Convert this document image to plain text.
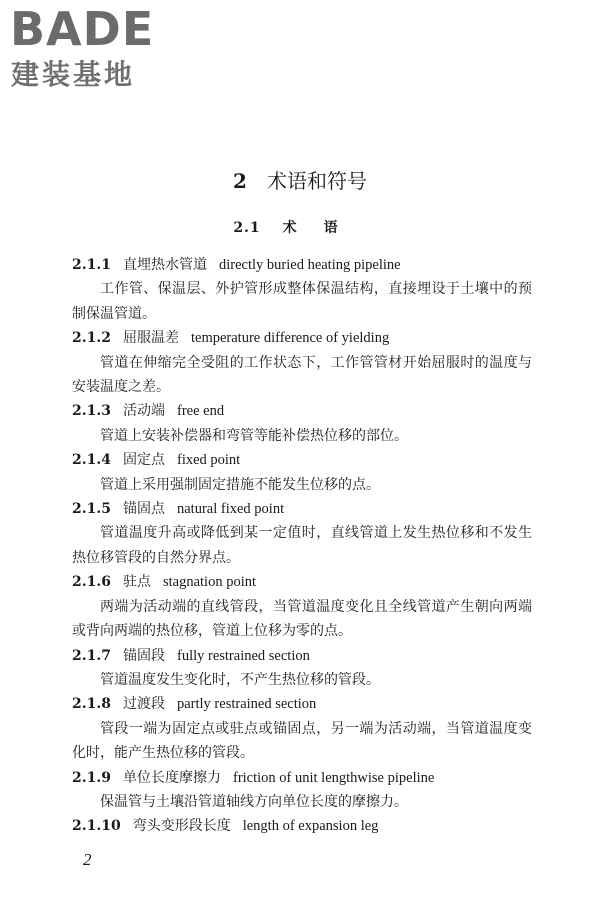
BADE
建装基地
2 术语和符号
2.1 术 语
2.1.1 直埋热水管道 directly buried heating pipeline
工作管、保温层、外护管形成整体保温结构，直接埋设于土壤中的预制保温管道。
2.1.2 屈服温差 temperature difference of yielding
管道在伸缩完全受阻的工作状态下，工作管管材开始屈服时的温度与安装温度之差。
2.1.3 活动端 free end
管道上安装补偿器和弯管等能补偿热位移的部位。
2.1.4 固定点 fixed point
管道上采用强制固定措施不能发生位移的点。
2.1.5 锚固点 natural fixed point
管道温度升高或降低到某一定值时，直线管道上发生热位移和不发生热位移管段的自然分界点。
2.1.6 驻点 stagnation point
两端为活动端的直线管段，当管道温度变化且全线管道产生朝向两端或背向两端的热位移，管道上位移为零的点。
2.1.7 锚固段 fully restrained section
管道温度发生变化时，不产生热位移的管段。
2.1.8 过渡段 partly restrained section
管段一端为固定点或驻点或锚固点，另一端为活动端，当管道温度变化时，能产生热位移的管段。
2.1.9 单位长度摩擦力 friction of unit lengthwise pipeline
保温管与土壤沿管道轴线方向单位长度的摩擦力。
2.1.10 弯头变形段长度 length of expansion leg
2
